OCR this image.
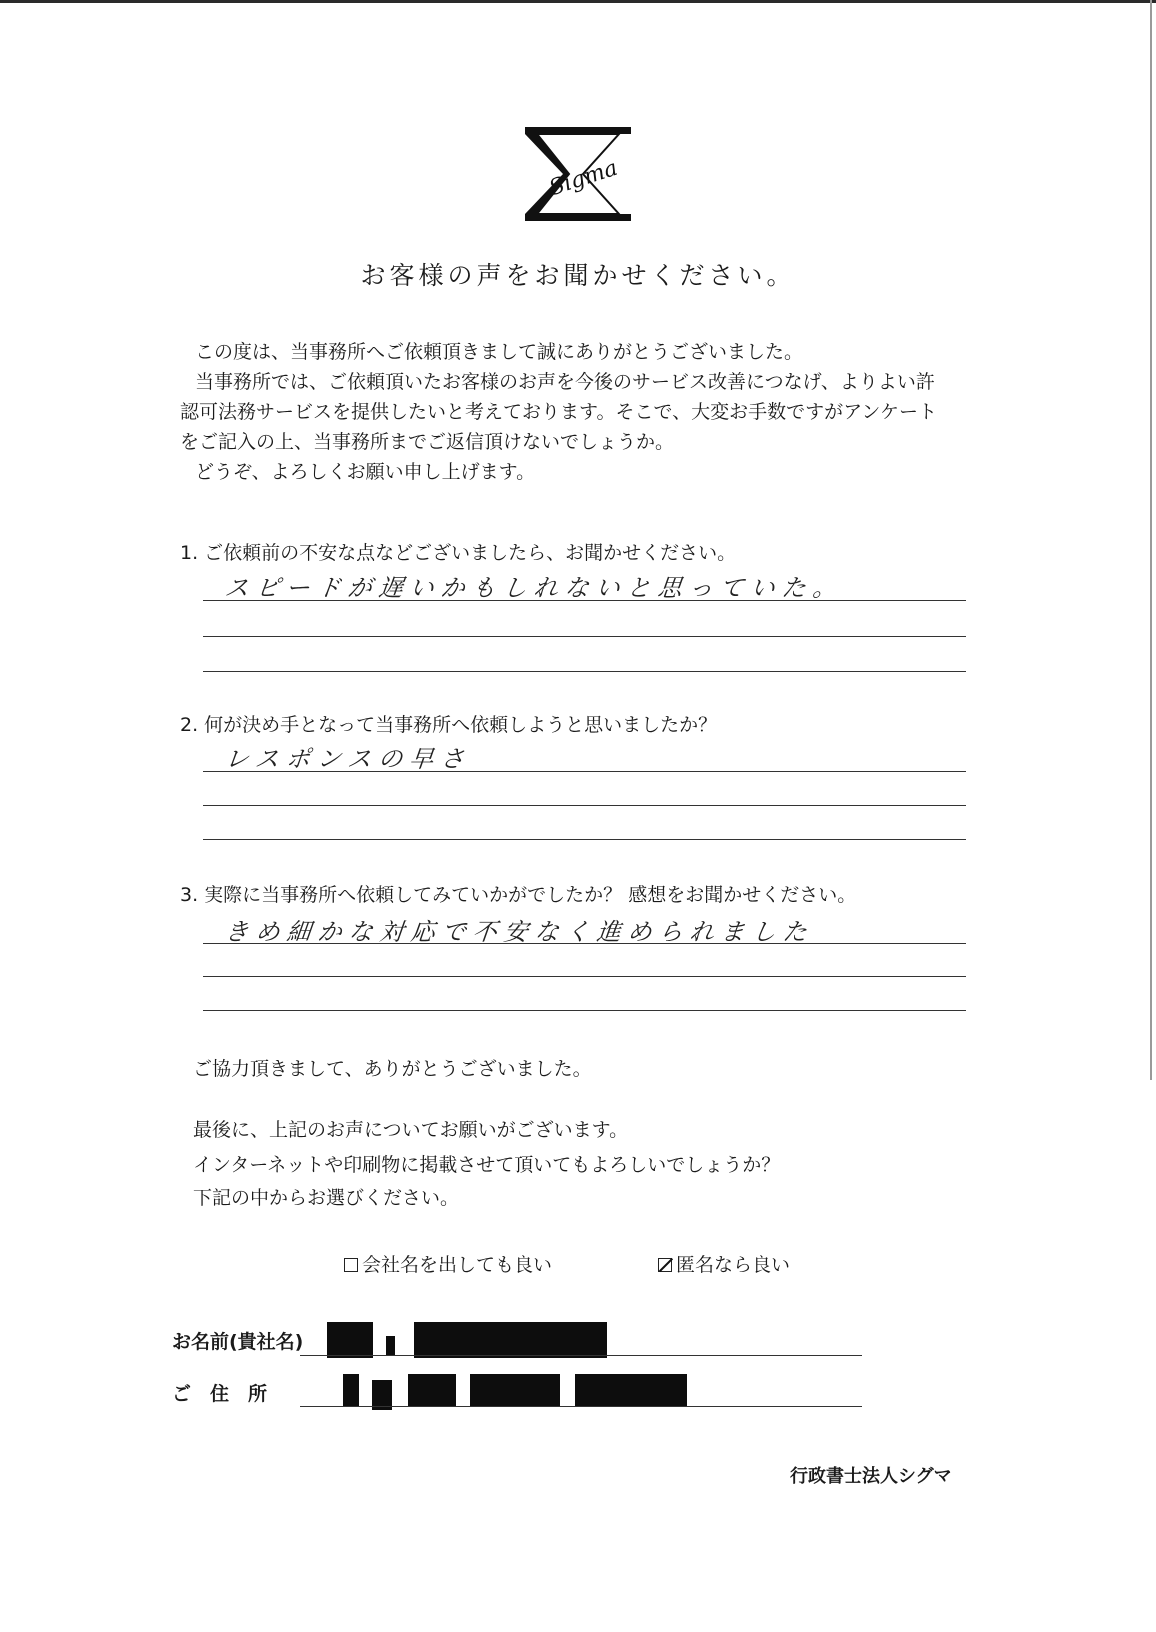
Sigma
お客様の声をお聞かせください。

この度は、当事務所へご依頼頂きまして誠にありがとうございました。

当事務所では、ご依頼頂いたお客様のお声を今後のサービス改善につなげ、よりよい許

認可法務サービスを提供したいと考えております。そこで、大変お手数ですがアンケート

をご記入の上、当事務所までご返信頂けないでしょうか。

どうぞ、よろしくお願い申し上げます。

1. ご依頼前の不安な点などございましたら、お聞かせください。
スピードが遅いかもしれないと思っていた。
2. 何が決め手となって当事務所へ依頼しようと思いましたか？
レスポンスの早さ
3. 実際に当事務所へ依頼してみていかがでしたか？ 感想をお聞かせください。
きめ細かな対応で不安なく進められました
ご協力頂きまして、ありがとうございました。
最後に、上記のお声についてお願いがございます。
インターネットや印刷物に掲載させて頂いてもよろしいでしょうか？
下記の中からお選びください。
会社名を出しても良い	匿名なら良い
お名前(貴社名)
ご　住　所
行政書士法人シグマ
